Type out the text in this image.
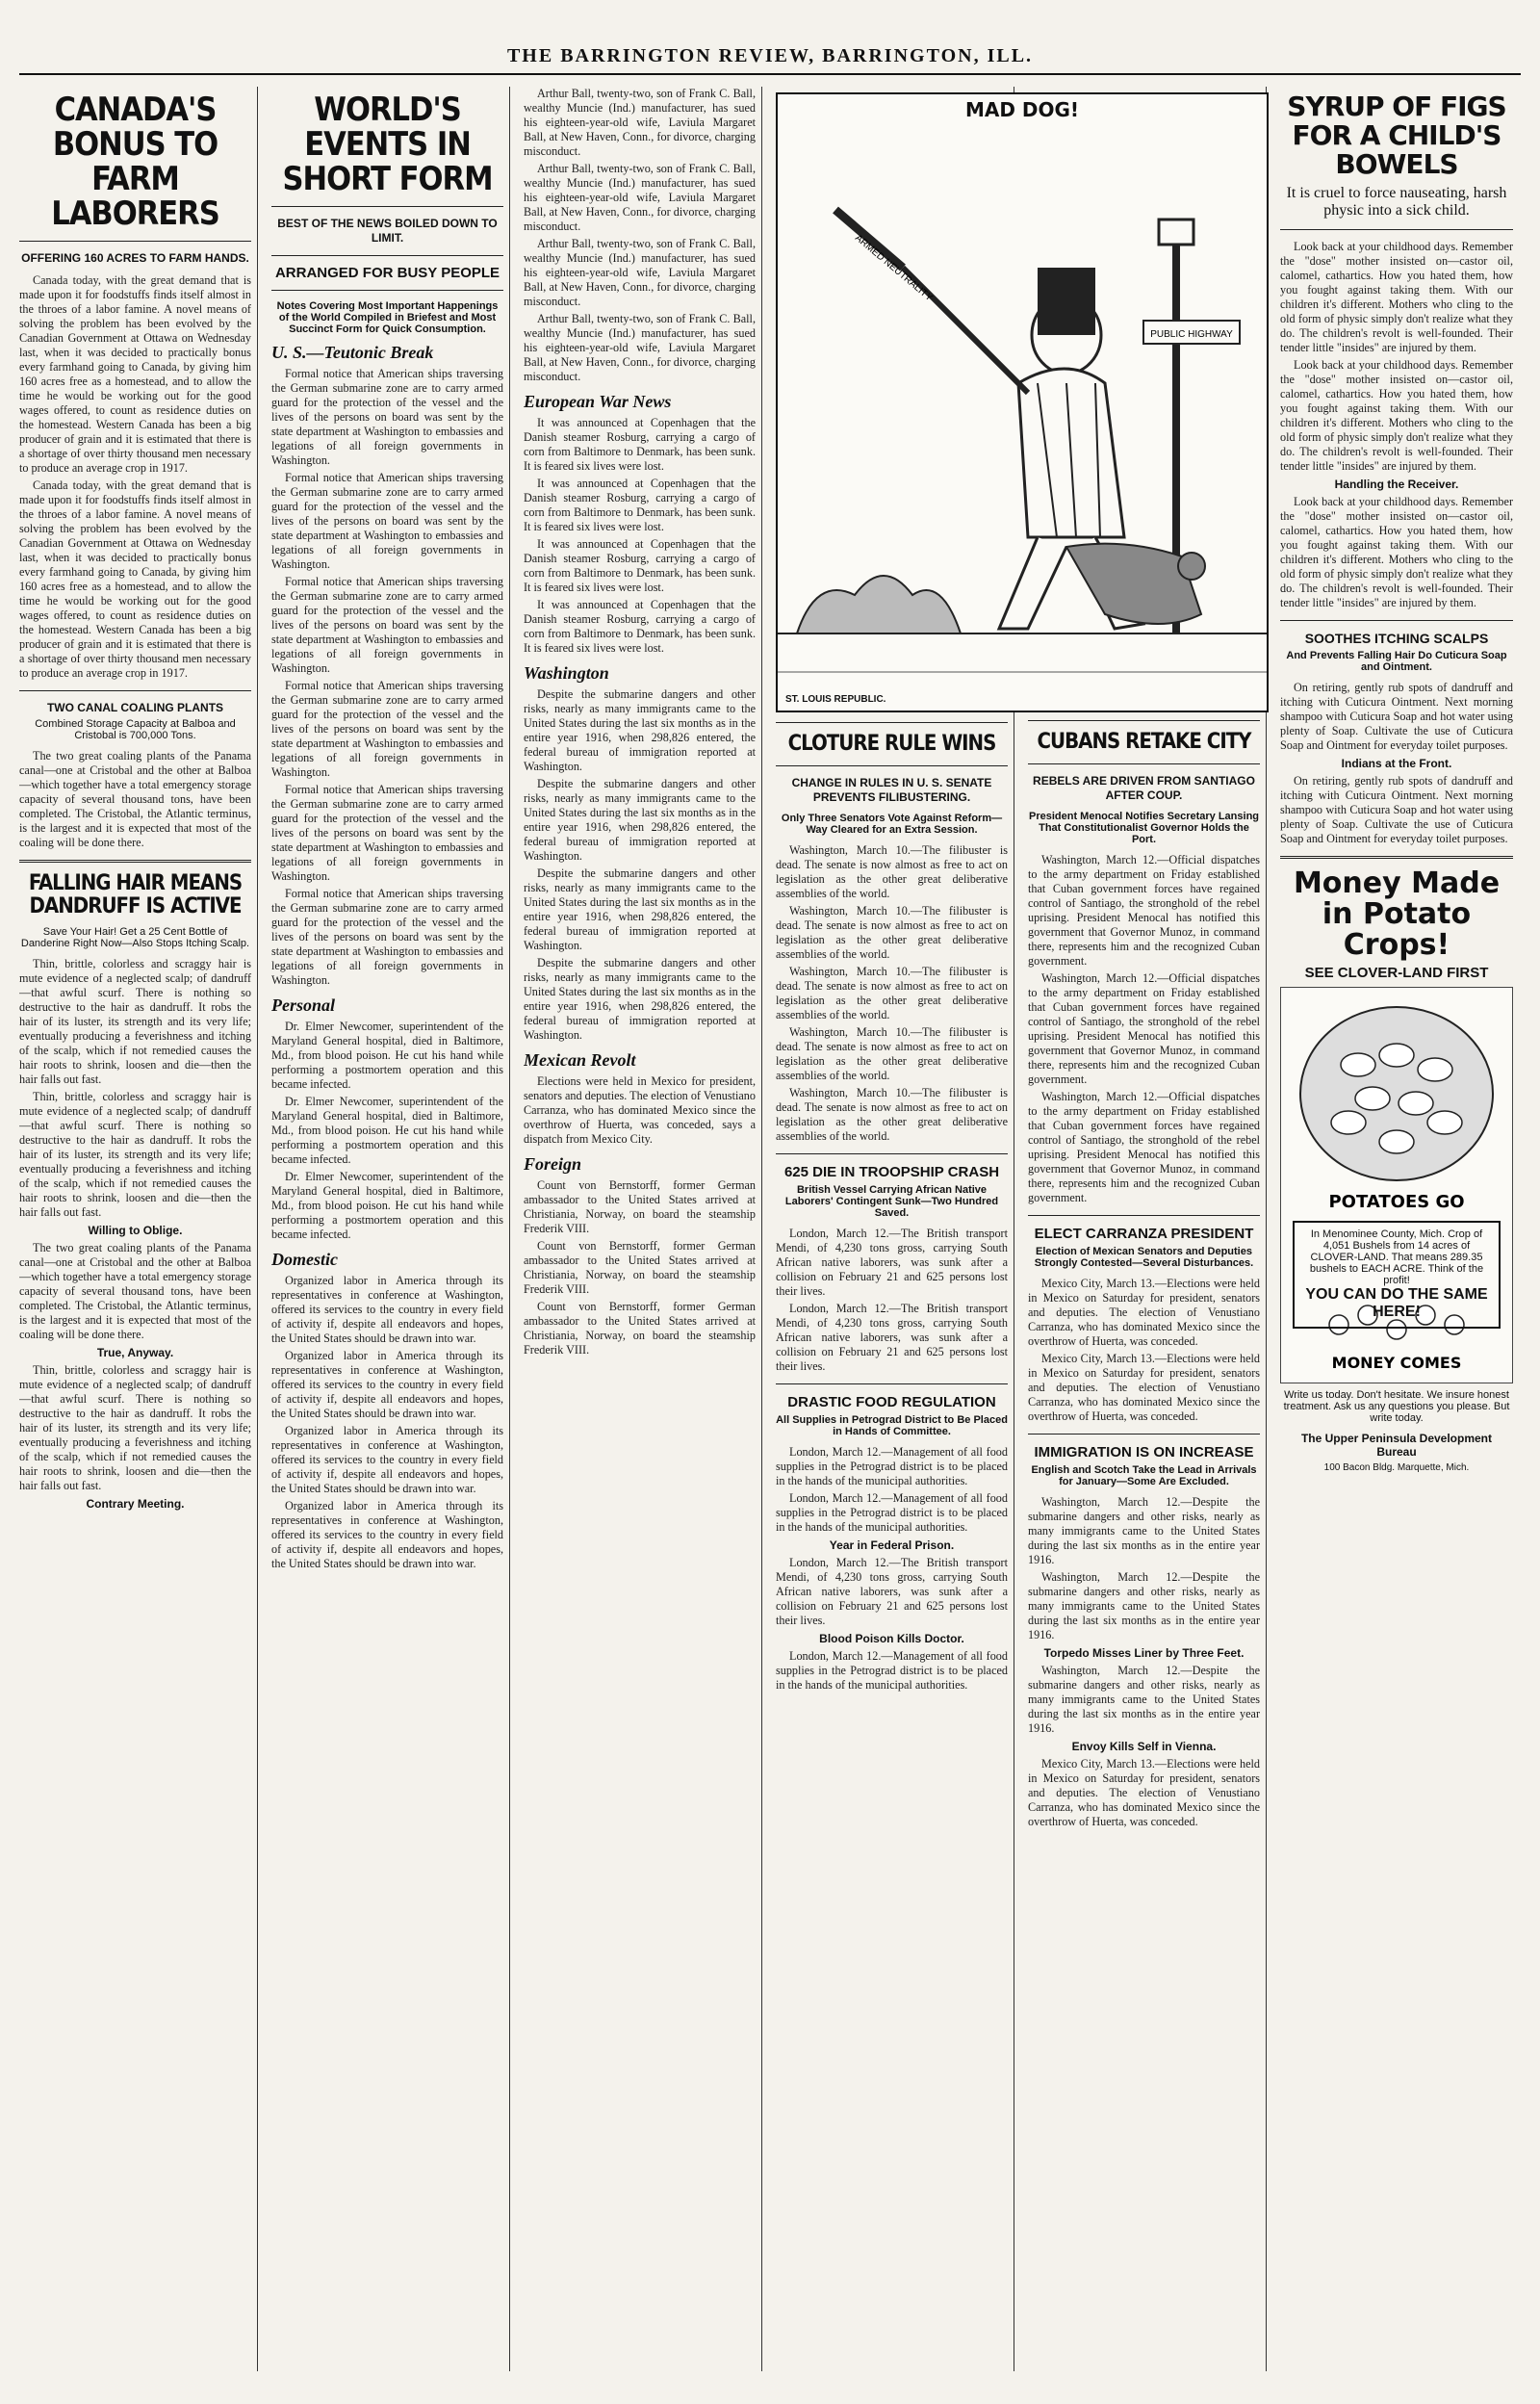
THE BARRINGTON REVIEW, BARRINGTON, ILL.
CANADA'S BONUS TO FARM LABORERS
OFFERING 160 ACRES TO FARM HANDS.

Canada today, with the great demand that is made upon it for foodstuffs finds itself almost in the throes of a labor famine. A novel means of solving the problem has been evolved by the Canadian Government at Ottawa on Wednesday last, when it was decided to practically bonus every farmhand going to Canada, by giving him 160 acres free as a homestead, and to allow the time he would be working out for the good wages offered, to count as residence duties on the homestead. Western Canada has been a big producer of grain and it is estimated that there is a shortage of over thirty thousand men necessary to produce an average crop in 1917.

Canada today, with the great demand that is made upon it for foodstuffs finds itself almost in the throes of a labor famine. A novel means of solving the problem has been evolved by the Canadian Government at Ottawa on Wednesday last, when it was decided to practically bonus every farmhand going to Canada, by giving him 160 acres free as a homestead, and to allow the time he would be working out for the good wages offered, to count as residence duties on the homestead. Western Canada has been a big producer of grain and it is estimated that there is a shortage of over thirty thousand men necessary to produce an average crop in 1917.

TWO CANAL COALING PLANTS
Combined Storage Capacity at Balboa and Cristobal is 700,000 Tons.

The two great coaling plants of the Panama canal—one at Cristobal and the other at Balboa—which together have a total emergency storage capacity of several thousand tons, have been completed. The Cristobal, the Atlantic terminus, is the largest and it is expected that most of the coaling will be done there.

FALLING HAIR MEANS DANDRUFF IS ACTIVE
Save Your Hair! Get a 25 Cent Bottle of Danderine Right Now—Also Stops Itching Scalp.

Thin, brittle, colorless and scraggy hair is mute evidence of a neglected scalp; of dandruff—that awful scurf. There is nothing so destructive to the hair as dandruff. It robs the hair of its luster, its strength and its very life; eventually producing a feverishness and itching of the scalp, which if not remedied causes the hair roots to shrink, loosen and die—then the hair falls out fast.

Thin, brittle, colorless and scraggy hair is mute evidence of a neglected scalp; of dandruff—that awful scurf. There is nothing so destructive to the hair as dandruff. It robs the hair of its luster, its strength and its very life; eventually producing a feverishness and itching of the scalp, which if not remedied causes the hair roots to shrink, loosen and die—then the hair falls out fast.

Willing to Oblige.

The two great coaling plants of the Panama canal—one at Cristobal and the other at Balboa—which together have a total emergency storage capacity of several thousand tons, have been completed. The Cristobal, the Atlantic terminus, is the largest and it is expected that most of the coaling will be done there.

True, Anyway.

Thin, brittle, colorless and scraggy hair is mute evidence of a neglected scalp; of dandruff—that awful scurf. There is nothing so destructive to the hair as dandruff. It robs the hair of its luster, its strength and its very life; eventually producing a feverishness and itching of the scalp, which if not remedied causes the hair roots to shrink, loosen and die—then the hair falls out fast.

Contrary Meeting.
WORLD'S EVENTS IN SHORT FORM
BEST OF THE NEWS BOILED DOWN TO LIMIT.
ARRANGED FOR BUSY PEOPLE
Notes Covering Most Important Happenings of the World Compiled in Briefest and Most Succinct Form for Quick Consumption.
U. S.—Teutonic Break

Formal notice that American ships traversing the German submarine zone are to carry armed guard for the protection of the vessel and the lives of the persons on board was sent by the state department at Washington to embassies and legations of all foreign governments in Washington.

Formal notice that American ships traversing the German submarine zone are to carry armed guard for the protection of the vessel and the lives of the persons on board was sent by the state department at Washington to embassies and legations of all foreign governments in Washington.

Formal notice that American ships traversing the German submarine zone are to carry armed guard for the protection of the vessel and the lives of the persons on board was sent by the state department at Washington to embassies and legations of all foreign governments in Washington.

Formal notice that American ships traversing the German submarine zone are to carry armed guard for the protection of the vessel and the lives of the persons on board was sent by the state department at Washington to embassies and legations of all foreign governments in Washington.

Formal notice that American ships traversing the German submarine zone are to carry armed guard for the protection of the vessel and the lives of the persons on board was sent by the state department at Washington to embassies and legations of all foreign governments in Washington.

Formal notice that American ships traversing the German submarine zone are to carry armed guard for the protection of the vessel and the lives of the persons on board was sent by the state department at Washington to embassies and legations of all foreign governments in Washington.

Personal

Dr. Elmer Newcomer, superintendent of the Maryland General hospital, died in Baltimore, Md., from blood poison. He cut his hand while performing a postmortem operation and this became infected.

Dr. Elmer Newcomer, superintendent of the Maryland General hospital, died in Baltimore, Md., from blood poison. He cut his hand while performing a postmortem operation and this became infected.

Dr. Elmer Newcomer, superintendent of the Maryland General hospital, died in Baltimore, Md., from blood poison. He cut his hand while performing a postmortem operation and this became infected.

Domestic

Organized labor in America through its representatives in conference at Washington, offered its services to the country in every field of activity if, despite all endeavors and hopes, the United States should be drawn into war.

Organized labor in America through its representatives in conference at Washington, offered its services to the country in every field of activity if, despite all endeavors and hopes, the United States should be drawn into war.

Organized labor in America through its representatives in conference at Washington, offered its services to the country in every field of activity if, despite all endeavors and hopes, the United States should be drawn into war.

Organized labor in America through its representatives in conference at Washington, offered its services to the country in every field of activity if, despite all endeavors and hopes, the United States should be drawn into war.

Arthur Ball, twenty-two, son of Frank C. Ball, wealthy Muncie (Ind.) manufacturer, has sued his eighteen-year-old wife, Laviula Margaret Ball, at New Haven, Conn., for divorce, charging misconduct.

Arthur Ball, twenty-two, son of Frank C. Ball, wealthy Muncie (Ind.) manufacturer, has sued his eighteen-year-old wife, Laviula Margaret Ball, at New Haven, Conn., for divorce, charging misconduct.

Arthur Ball, twenty-two, son of Frank C. Ball, wealthy Muncie (Ind.) manufacturer, has sued his eighteen-year-old wife, Laviula Margaret Ball, at New Haven, Conn., for divorce, charging misconduct.

Arthur Ball, twenty-two, son of Frank C. Ball, wealthy Muncie (Ind.) manufacturer, has sued his eighteen-year-old wife, Laviula Margaret Ball, at New Haven, Conn., for divorce, charging misconduct.

European War News

It was announced at Copenhagen that the Danish steamer Rosburg, carrying a cargo of corn from Baltimore to Denmark, has been sunk. It is feared six lives were lost.

It was announced at Copenhagen that the Danish steamer Rosburg, carrying a cargo of corn from Baltimore to Denmark, has been sunk. It is feared six lives were lost.

It was announced at Copenhagen that the Danish steamer Rosburg, carrying a cargo of corn from Baltimore to Denmark, has been sunk. It is feared six lives were lost.

It was announced at Copenhagen that the Danish steamer Rosburg, carrying a cargo of corn from Baltimore to Denmark, has been sunk. It is feared six lives were lost.

Washington

Despite the submarine dangers and other risks, nearly as many immigrants came to the United States during the last six months as in the entire year 1916, when 298,826 entered, the federal bureau of immigration reported at Washington.

Despite the submarine dangers and other risks, nearly as many immigrants came to the United States during the last six months as in the entire year 1916, when 298,826 entered, the federal bureau of immigration reported at Washington.

Despite the submarine dangers and other risks, nearly as many immigrants came to the United States during the last six months as in the entire year 1916, when 298,826 entered, the federal bureau of immigration reported at Washington.

Despite the submarine dangers and other risks, nearly as many immigrants came to the United States during the last six months as in the entire year 1916, when 298,826 entered, the federal bureau of immigration reported at Washington.

Mexican Revolt

Elections were held in Mexico for president, senators and deputies. The election of Venustiano Carranza, who has dominated Mexico since the overthrow of Huerta, was conceded, says a dispatch from Mexico City.

Foreign

Count von Bernstorff, former German ambassador to the United States arrived at Christiania, Norway, on board the steamship Frederik VIII.

Count von Bernstorff, former German ambassador to the United States arrived at Christiania, Norway, on board the steamship Frederik VIII.

Count von Bernstorff, former German ambassador to the United States arrived at Christiania, Norway, on board the steamship Frederik VIII.

MAD DOG!
PUBLIC HIGHWAY
ARMED NEUTRALITY
ST. LOUIS REPUBLIC.
CLOTURE RULE WINS
CHANGE IN RULES IN U. S. SENATE PREVENTS FILIBUSTERING.
Only Three Senators Vote Against Reform—Way Cleared for an Extra Session.

Washington, March 10.—The filibuster is dead. The senate is now almost as free to act on legislation as the other great deliberative assemblies of the world.

Washington, March 10.—The filibuster is dead. The senate is now almost as free to act on legislation as the other great deliberative assemblies of the world.

Washington, March 10.—The filibuster is dead. The senate is now almost as free to act on legislation as the other great deliberative assemblies of the world.

Washington, March 10.—The filibuster is dead. The senate is now almost as free to act on legislation as the other great deliberative assemblies of the world.

Washington, March 10.—The filibuster is dead. The senate is now almost as free to act on legislation as the other great deliberative assemblies of the world.

625 DIE IN TROOPSHIP CRASH
British Vessel Carrying African Native Laborers' Contingent Sunk—Two Hundred Saved.

London, March 12.—The British transport Mendi, of 4,230 tons gross, carrying South African native laborers, was sunk after a collision on February 21 and 625 persons lost their lives.

London, March 12.—The British transport Mendi, of 4,230 tons gross, carrying South African native laborers, was sunk after a collision on February 21 and 625 persons lost their lives.

DRASTIC FOOD REGULATION
All Supplies in Petrograd District to Be Placed in Hands of Committee.

London, March 12.—Management of all food supplies in the Petrograd district is to be placed in the hands of the municipal authorities.

London, March 12.—Management of all food supplies in the Petrograd district is to be placed in the hands of the municipal authorities.

Year in Federal Prison.

London, March 12.—The British transport Mendi, of 4,230 tons gross, carrying South African native laborers, was sunk after a collision on February 21 and 625 persons lost their lives.

Blood Poison Kills Doctor.

London, March 12.—Management of all food supplies in the Petrograd district is to be placed in the hands of the municipal authorities.

CUBANS RETAKE CITY
REBELS ARE DRIVEN FROM SANTIAGO AFTER COUP.
President Menocal Notifies Secretary Lansing That Constitutionalist Governor Holds the Port.

Washington, March 12.—Official dispatches to the army department on Friday established that Cuban government forces have regained control of Santiago, the stronghold of the rebel uprising. President Menocal has notified this government that Governor Munoz, in command there, represents him and the recognized Cuban government.

Washington, March 12.—Official dispatches to the army department on Friday established that Cuban government forces have regained control of Santiago, the stronghold of the rebel uprising. President Menocal has notified this government that Governor Munoz, in command there, represents him and the recognized Cuban government.

Washington, March 12.—Official dispatches to the army department on Friday established that Cuban government forces have regained control of Santiago, the stronghold of the rebel uprising. President Menocal has notified this government that Governor Munoz, in command there, represents him and the recognized Cuban government.

ELECT CARRANZA PRESIDENT
Election of Mexican Senators and Deputies Strongly Contested—Several Disturbances.

Mexico City, March 13.—Elections were held in Mexico on Saturday for president, senators and deputies. The election of Venustiano Carranza, who has dominated Mexico since the overthrow of Huerta, was conceded.

Mexico City, March 13.—Elections were held in Mexico on Saturday for president, senators and deputies. The election of Venustiano Carranza, who has dominated Mexico since the overthrow of Huerta, was conceded.

IMMIGRATION IS ON INCREASE
English and Scotch Take the Lead in Arrivals for January—Some Are Excluded.

Washington, March 12.—Despite the submarine dangers and other risks, nearly as many immigrants came to the United States during the last six months as in the entire year 1916.

Washington, March 12.—Despite the submarine dangers and other risks, nearly as many immigrants came to the United States during the last six months as in the entire year 1916.

Torpedo Misses Liner by Three Feet.

Washington, March 12.—Despite the submarine dangers and other risks, nearly as many immigrants came to the United States during the last six months as in the entire year 1916.

Envoy Kills Self in Vienna.

Mexico City, March 13.—Elections were held in Mexico on Saturday for president, senators and deputies. The election of Venustiano Carranza, who has dominated Mexico since the overthrow of Huerta, was conceded.

SYRUP OF FIGS FOR A CHILD'S BOWELS
It is cruel to force nauseating, harsh physic into a sick child.

Look back at your childhood days. Remember the "dose" mother insisted on—castor oil, calomel, cathartics. How you hated them, how you fought against taking them. With our children it's different. Mothers who cling to the old form of physic simply don't realize what they do. The children's revolt is well-founded. Their tender little "insides" are injured by them.

Look back at your childhood days. Remember the "dose" mother insisted on—castor oil, calomel, cathartics. How you hated them, how you fought against taking them. With our children it's different. Mothers who cling to the old form of physic simply don't realize what they do. The children's revolt is well-founded. Their tender little "insides" are injured by them.

Handling the Receiver.

Look back at your childhood days. Remember the "dose" mother insisted on—castor oil, calomel, cathartics. How you hated them, how you fought against taking them. With our children it's different. Mothers who cling to the old form of physic simply don't realize what they do. The children's revolt is well-founded. Their tender little "insides" are injured by them.

SOOTHES ITCHING SCALPS
And Prevents Falling Hair Do Cuticura Soap and Ointment.

On retiring, gently rub spots of dandruff and itching with Cuticura Ointment. Next morning shampoo with Cuticura Soap and hot water using plenty of Soap. Cultivate the use of Cuticura Soap and Ointment for everyday toilet purposes.

Indians at the Front.

On retiring, gently rub spots of dandruff and itching with Cuticura Ointment. Next morning shampoo with Cuticura Soap and hot water using plenty of Soap. Cultivate the use of Cuticura Soap and Ointment for everyday toilet purposes.

Money Made in Potato Crops!
SEE CLOVER-LAND FIRST
POTATOES GO
MONEY COMES
In Menominee County, Mich. Crop of 4,051 Bushels from 14 acres of CLOVER-LAND. That means 289.35 bushels to EACH ACRE. Think of the profit!
YOU CAN DO THE SAME HERE!
Write us today. Don't hesitate. We insure honest treatment. Ask us any questions you please. But write today.
The Upper Peninsula Development Bureau
100 Bacon Bldg. Marquette, Mich.
